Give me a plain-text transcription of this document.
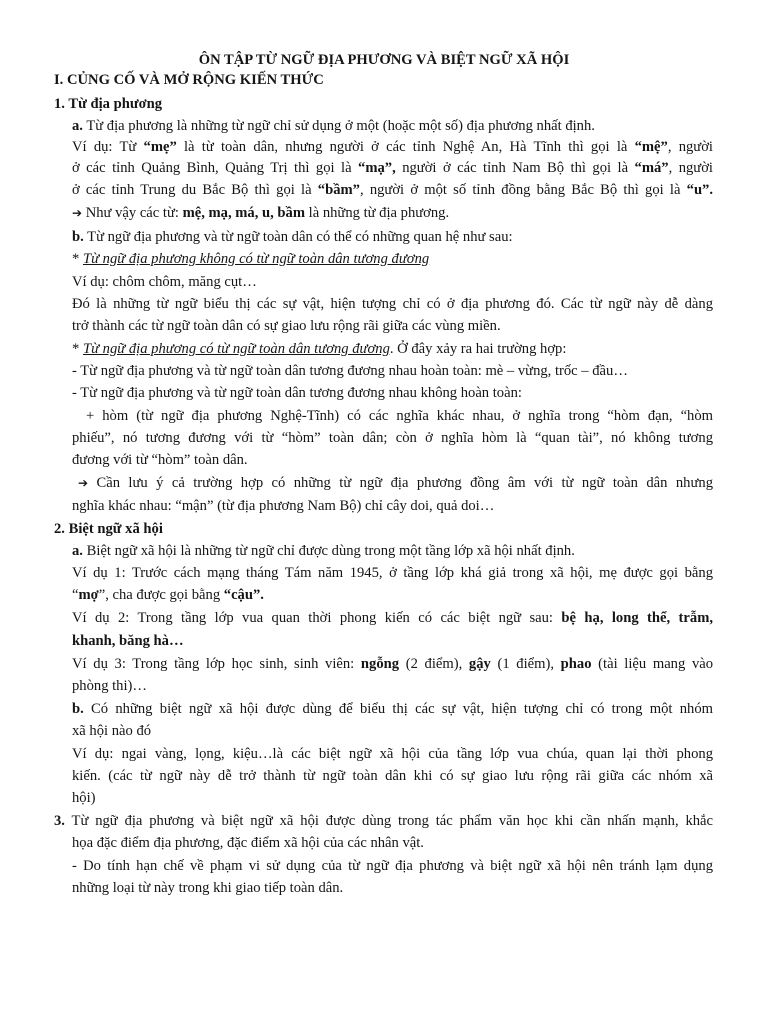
ÔN TẬP TỪ NGỮ ĐỊA PHƯƠNG VÀ BIỆT NGỮ XÃ HỘI
I. CỦNG CỐ VÀ MỞ RỘNG KIẾN THỨC
1. Từ địa phương
a. Từ địa phương là những từ ngữ chỉ sử dụng ở một (hoặc một số) địa phương nhất định.
Ví dụ: Từ “mẹ” là từ toàn dân, nhưng người ở các tỉnh Nghệ An, Hà Tĩnh thì gọi là “mệ”, người
ở các tỉnh Quảng Bình, Quảng Trị thì gọi là “mạ”, người ở các tỉnh Nam Bộ thì gọi là “má”, người
ở các tỉnh Trung du Bắc Bộ thì gọi là “bầm”, người ở một số tỉnh đồng bằng Bắc Bộ thì gọi là “u”.
➔ Như vậy các từ: mệ, mạ, má, u, bầm là những từ địa phương.
b. Từ ngữ địa phương và từ ngữ toàn dân có thể có những quan hệ như sau:
* Từ ngữ địa phương không có từ ngữ toàn dân tương đương
Ví dụ: chôm chôm, măng cụt…
Đó là những từ ngữ biểu thị các sự vật, hiện tượng chỉ có ở địa phương đó. Các từ ngữ này dễ dàng
trở thành các từ ngữ toàn dân có sự giao lưu rộng rãi giữa các vùng miền.
* Từ ngữ địa phương có từ ngữ toàn dân tương đương. Ở đây xảy ra hai trường hợp:
- Từ ngữ địa phương và từ ngữ toàn dân tương đương nhau hoàn toàn: mè – vừng, trốc – đầu…
- Từ ngữ địa phương và từ ngữ toàn dân tương đương nhau không hoàn toàn:
+ hòm (từ ngữ địa phương Nghệ-Tĩnh) có các nghĩa khác nhau, ở nghĩa trong “hòm đạn, “hòm
phiếu”, nó tương đương với từ “hòm” toàn dân; còn ở nghĩa hòm là “quan tài”, nó không tương
đương với từ “hòm” toàn dân.
➔ Cần lưu ý cả trường hợp có những từ ngữ địa phương đồng âm với từ ngữ toàn dân nhưng
nghĩa khác nhau: “mận” (từ địa phương Nam Bộ) chỉ cây doi, quả doi…
2. Biệt ngữ xã hội
a. Biệt ngữ xã hội là những từ ngữ chỉ được dùng trong một tầng lớp xã hội nhất định.
Ví dụ 1: Trước cách mạng tháng Tám năm 1945, ở tầng lớp khá giả trong xã hội, mẹ được gọi bằng
“mợ”, cha được gọi bằng “cậu”.
Ví dụ 2: Trong tầng lớp vua quan thời phong kiến có các biệt ngữ sau: bệ hạ, long thể, trẫm,
khanh, băng hà…
Ví dụ 3: Trong tầng lớp học sinh, sinh viên: ngỗng (2 điểm), gậy (1 điểm), phao (tài liệu mang vào
phòng thi)…
b. Có những biệt ngữ xã hội được dùng để biểu thị các sự vật, hiện tượng chỉ có trong một nhóm
xã hội nào đó
Ví dụ: ngai vàng, lọng, kiệu…là các biệt ngữ xã hội của tầng lớp vua chúa, quan lại thời phong
kiến. (các từ ngữ này dễ trở thành từ ngữ toàn dân khi có sự giao lưu rộng rãi giữa các nhóm xã
hội)
3. Từ ngữ địa phương và biệt ngữ xã hội được dùng trong tác phẩm văn học khi cần nhấn mạnh, khắc
họa đặc điểm địa phương, đặc điểm xã hội của các nhân vật.
- Do tính hạn chế về phạm vi sử dụng của từ ngữ địa phương và biệt ngữ xã hội nên tránh lạm dụng
những loại từ này trong khi giao tiếp toàn dân.
